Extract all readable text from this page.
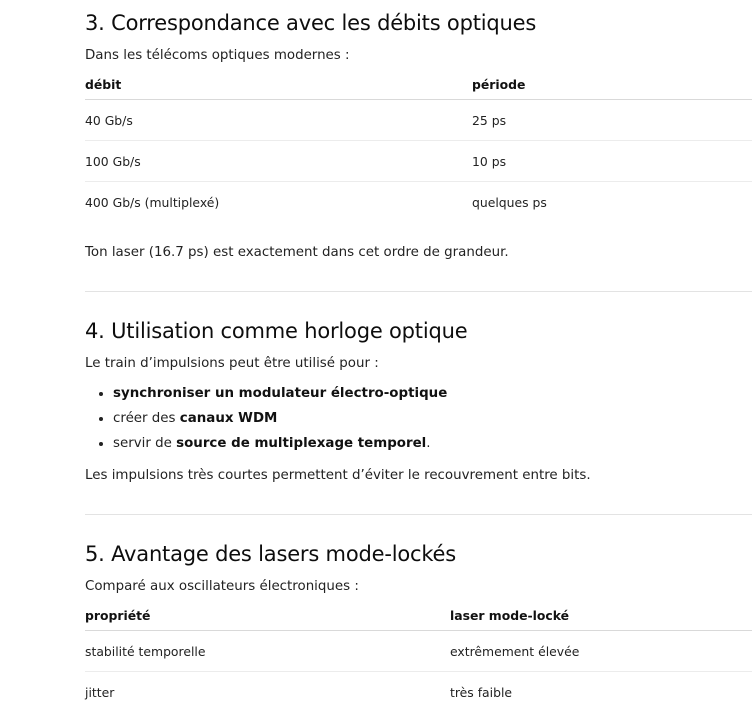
3. Correspondance avec les débits optiques

Dans les télécoms optiques modernes :

débit	période
40 Gb/s	25 ps
100 Gb/s	10 ps
400 Gb/s (multiplexé)	quelques ps

Ton laser (16.7 ps) est exactement dans cet ordre de grandeur.

4. Utilisation comme horloge optique

Le train d’impulsions peut être utilisé pour :

• synchroniser un modulateur électro-optique
• créer des canaux WDM
• servir de source de multiplexage temporel.

Les impulsions très courtes permettent d’éviter le recouvrement entre bits.

5. Avantage des lasers mode-lockés

Comparé aux oscillateurs électroniques :

propriété	laser mode-locké
stabilité temporelle	extrêmement élevée
jitter	très faible
